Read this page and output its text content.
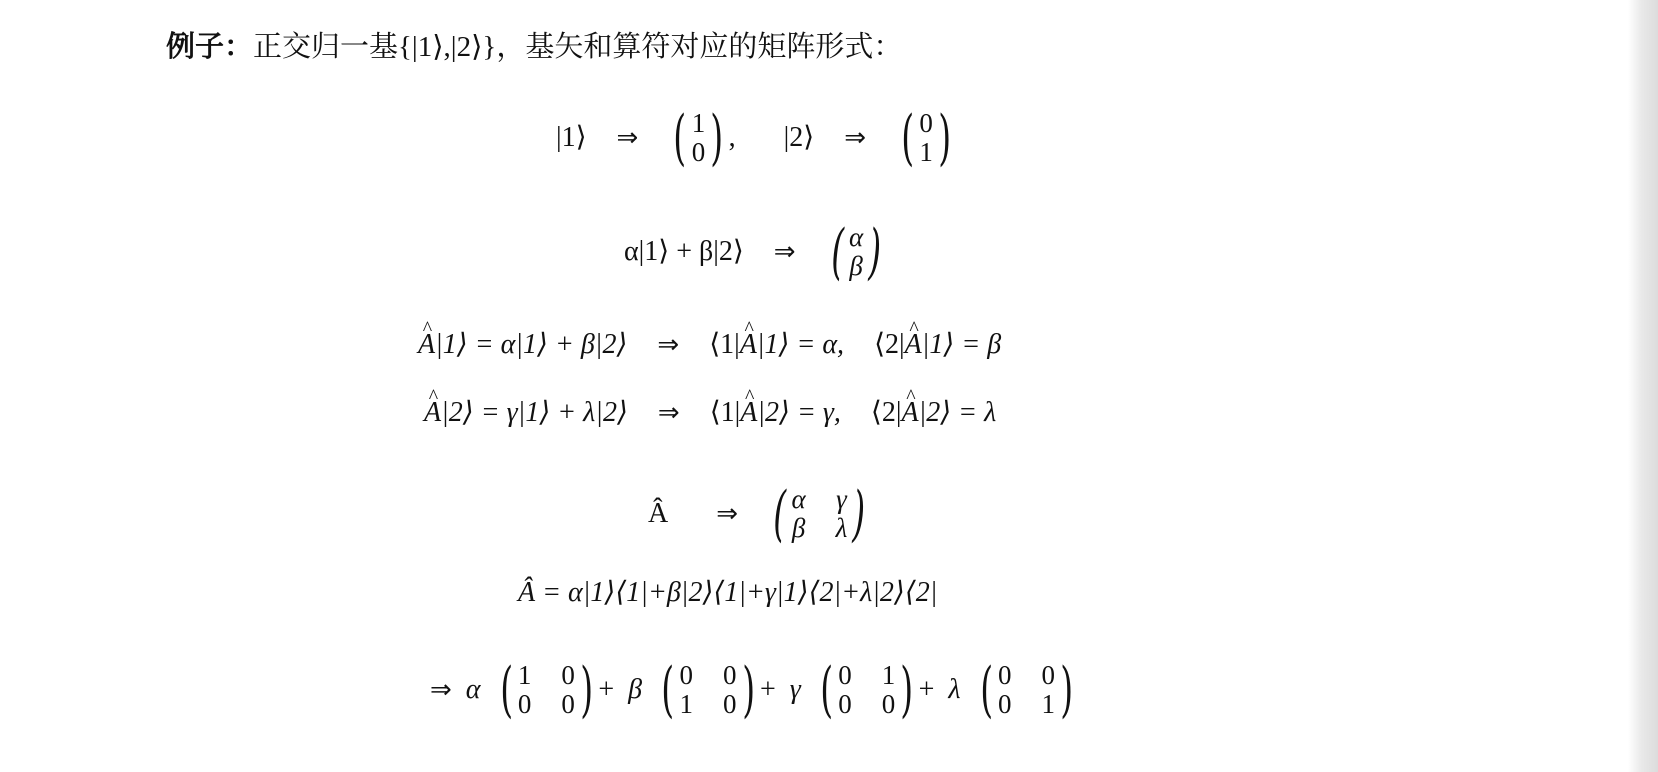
例子：正交归一基{|1⟩,|2⟩}，基矢和算符对应的矩阵形式：
|1⟩ ⇒ ( 1
0 ) , |2⟩ ⇒ ( 0
1 )
α|1⟩ + β|2⟩ ⇒ ( α
β )
^ A |1⟩ = α|1⟩ + β|2⟩ ⇒ ⟨1| ^ A |1⟩ = α, ⟨2| ^ A |1⟩ = β
^ A |2⟩ = γ|1⟩ + λ|2⟩ ⇒ ⟨1| ^ A |2⟩ = γ, ⟨2| ^ A |2⟩ = λ
Â ⇒ ( α γ
β λ )
Â = α|1⟩⟨1|+β|2⟩⟨1|+γ|1⟩⟨2|+λ|2⟩⟨2|
⇒ α ( 1 0
0 0 ) + β ( 0 0
1 0 ) + γ ( 0 1
0 0 ) + λ ( 0 0
0 1 )
